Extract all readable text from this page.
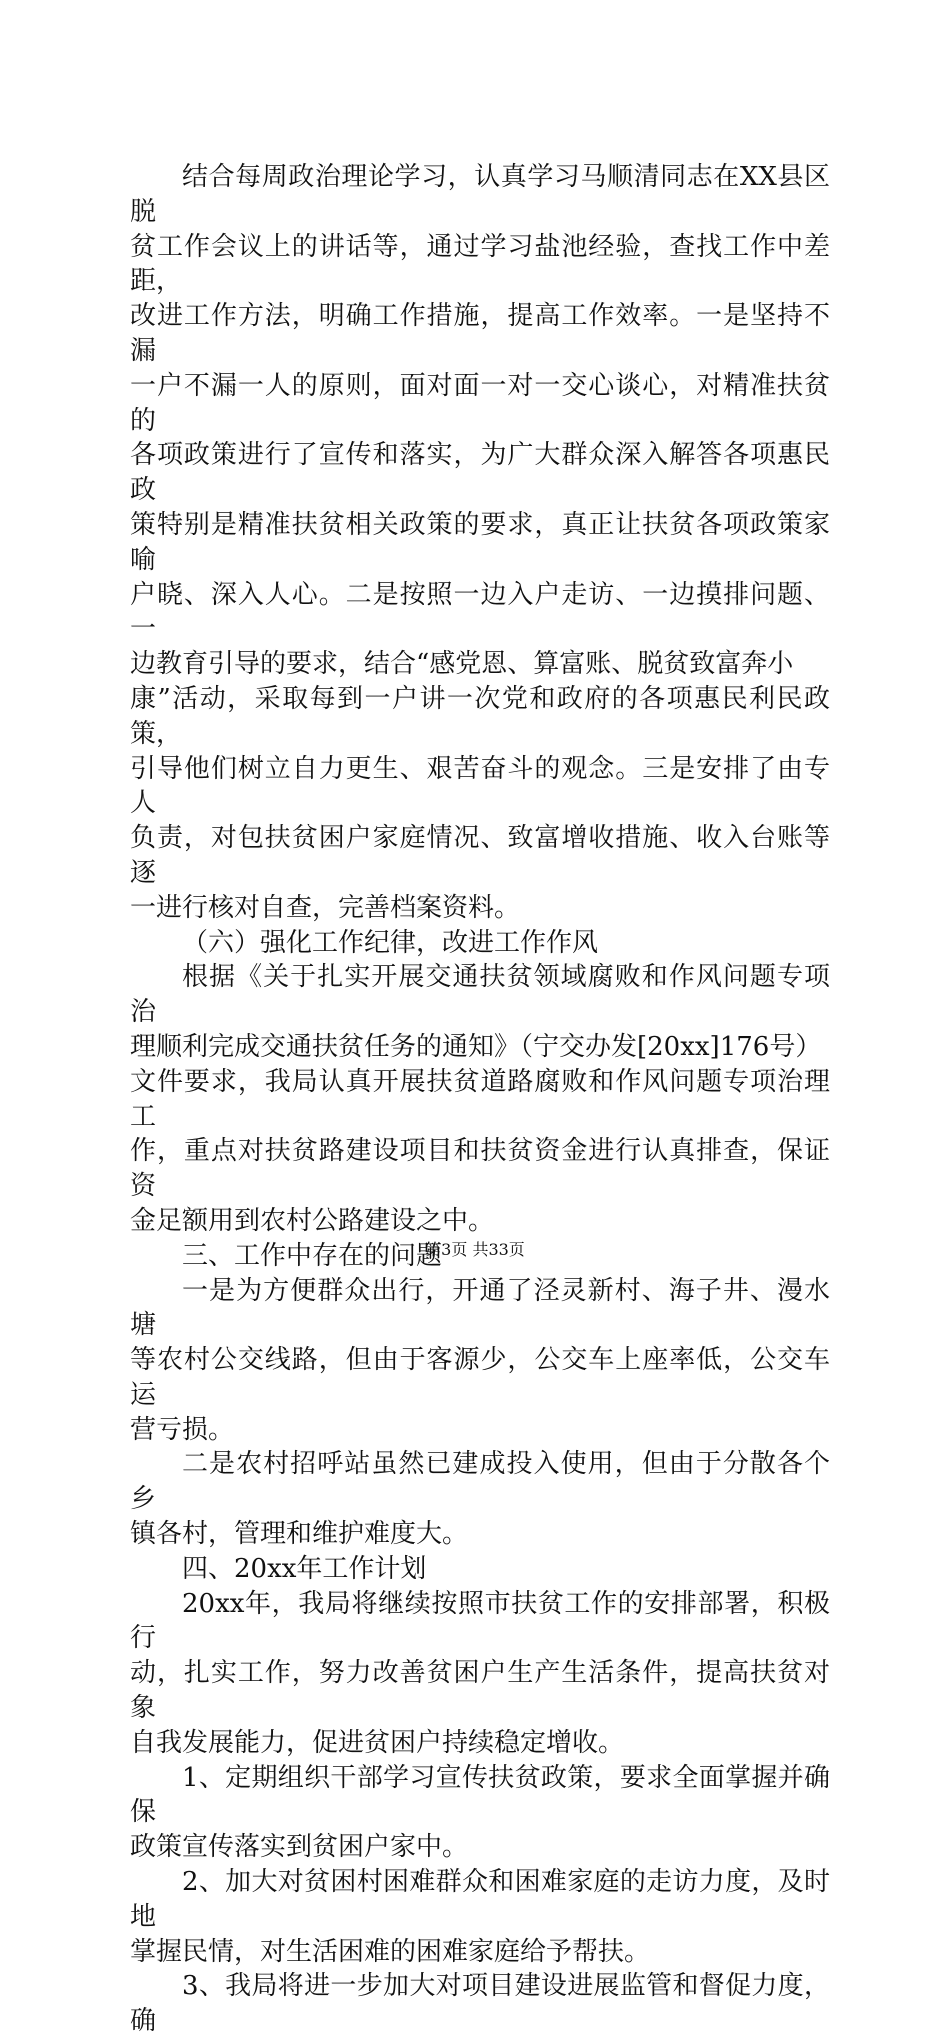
结合每周政治理论学习，认真学习马顺清同志在XX县区脱
贫工作会议上的讲话等，通过学习盐池经验，查找工作中差距，
改进工作方法，明确工作措施，提高工作效率。一是坚持不漏
一户不漏一人的原则，面对面一对一交心谈心，对精准扶贫的
各项政策进行了宣传和落实，为广大群众深入解答各项惠民政
策特别是精准扶贫相关政策的要求，真正让扶贫各项政策家喻
户晓、深入人心。二是按照一边入户走访、一边摸排问题、一
边教育引导的要求，结合“感党恩、算富账、脱贫致富奔小
康”活动，采取每到一户讲一次党和政府的各项惠民利民政策，
引导他们树立自力更生、艰苦奋斗的观念。三是安排了由专人
负责，对包扶贫困户家庭情况、致富增收措施、收入台账等逐
一进行核对自查，完善档案资料。

（六）强化工作纪律，改进工作作风

根据《关于扎实开展交通扶贫领域腐败和作风问题专项治
理顺利完成交通扶贫任务的通知》（宁交办发[20xx]176号）
文件要求，我局认真开展扶贫道路腐败和作风问题专项治理工
作，重点对扶贫路建设项目和扶贫资金进行认真排查，保证资
金足额用到农村公路建设之中。

三、工作中存在的问题

一是为方便群众出行，开通了泾灵新村、海子井、漫水塘
等农村公交线路，但由于客源少，公交车上座率低，公交车运
营亏损。

二是农村招呼站虽然已建成投入使用，但由于分散各个乡
镇各村，管理和维护难度大。

四、20xx年工作计划

20xx年，我局将继续按照市扶贫工作的安排部署，积极行
动，扎实工作，努力改善贫困户生产生活条件，提高扶贫对象
自我发展能力，促进贫困户持续稳定增收。

1、定期组织干部学习宣传扶贫政策，要求全面掌握并确保
政策宣传落实到贫困户家中。

2、加大对贫困村困难群众和困难家庭的走访力度，及时地
掌握民情，对生活困难的困难家庭给予帮扶。

3、我局将进一步加大对项目建设进展监管和督促力度，确

第3页 共33页
